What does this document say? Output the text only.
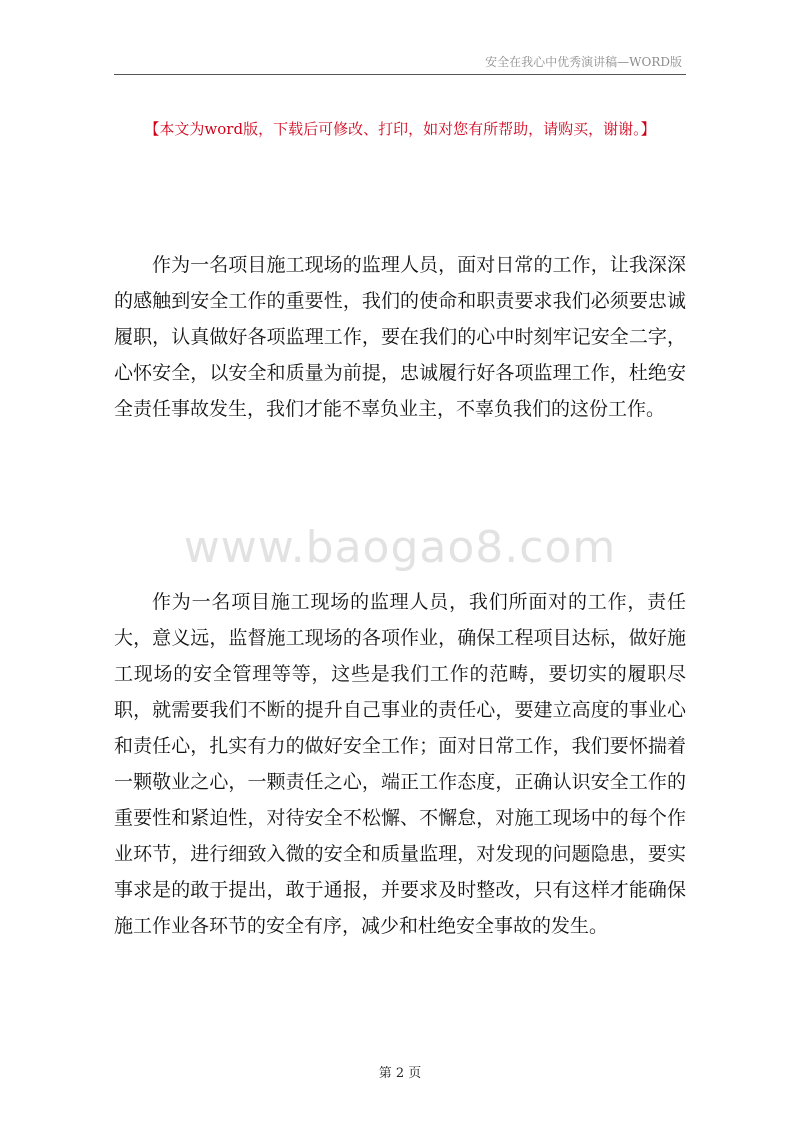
安全在我心中优秀演讲稿—WORD版
【本文为word版，下载后可修改、打印，如对您有所帮助，请购买，谢谢。】

作为一名项目施工现场的监理人员，面对日常的工作，让我深深的感触到安全工作的重要性，我们的使命和职责要求我们必须要忠诚履职，认真做好各项监理工作，要在我们的心中时刻牢记安全二字，心怀安全，以安全和质量为前提，忠诚履行好各项监理工作，杜绝安全责任事故发生，我们才能不辜负业主，不辜负我们的这份工作。

www.baogao8.com

作为一名项目施工现场的监理人员，我们所面对的工作，责任大，意义远，监督施工现场的各项作业，确保工程项目达标，做好施工现场的安全管理等等，这些是我们工作的范畴，要切实的履职尽职，就需要我们不断的提升自己事业的责任心，要建立高度的事业心和责任心，扎实有力的做好安全工作；面对日常工作，我们要怀揣着一颗敬业之心，一颗责任之心，端正工作态度，正确认识安全工作的重要性和紧迫性，对待安全不松懈、不懈怠，对施工现场中的每个作业环节，进行细致入微的安全和质量监理，对发现的问题隐患，要实事求是的敢于提出，敢于通报，并要求及时整改，只有这样才能确保施工作业各环节的安全有序，减少和杜绝安全事故的发生。

第 2 页
